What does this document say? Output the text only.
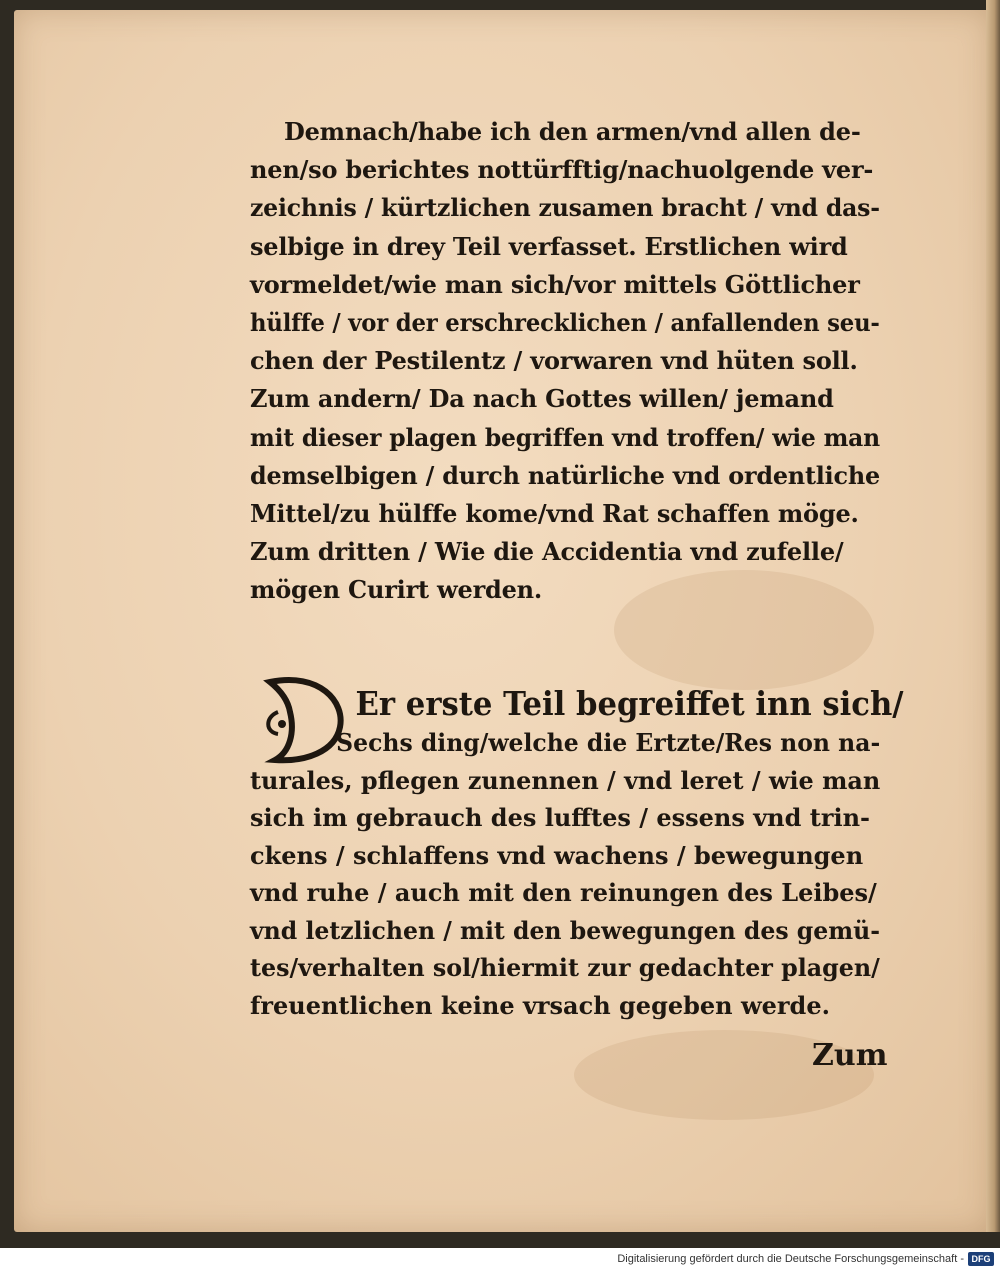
Demnach/habe ich den armen/vnd allen de-
nen/so berichtes nottürfftig/nachuolgende ver-
zeichnis / kürtzlichen zusamen bracht / vnd das-
selbige in drey Teil verfasset. Erstlichen wird
vormeldet/wie man sich/vor mittels Göttlicher
hülffe / vor der erschrecklichen / anfallenden seu-
chen der Pestilentz / vorwaren vnd hüten soll.
Zum andern/ Da nach Gottes willen/ jemand
mit dieser plagen begriffen vnd troffen/ wie man
demselbigen / durch natürliche vnd ordentliche
Mittel/zu hülffe kome/vnd Rat schaffen möge.
Zum dritten / Wie die Accidentia vnd zufelle/
mögen Curirt werden.
Er erste Teil begreiffet inn sich/
Sechs ding/welche die Ertzte/Res non na-
turales, pflegen zunennen / vnd leret / wie man
sich im gebrauch des lufftes / essens vnd trin-
ckens / schlaffens vnd wachens / bewegungen
vnd ruhe / auch mit den reinungen des Leibes/
vnd letzlichen / mit den bewegungen des gemü-
tes/verhalten sol/hiermit zur gedachter plagen/
freuentlichen keine vrsach gegeben werde.
Zum
Digitalisierung gefördert durch die Deutsche Forschungsgemeinschaft - DFG
